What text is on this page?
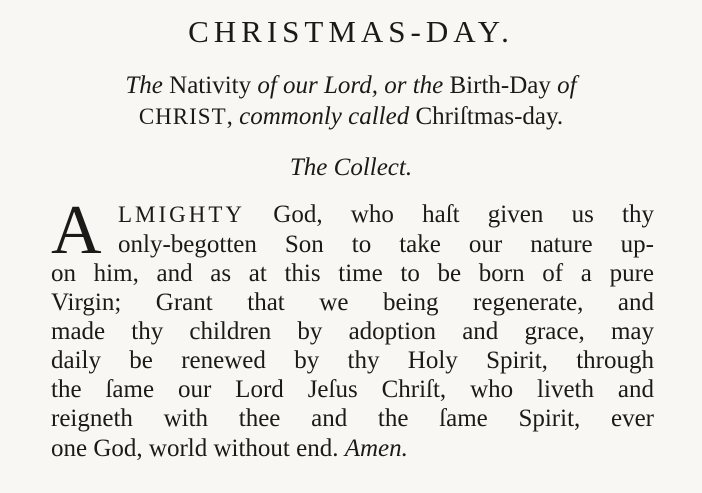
CHRISTMAS-DAY.
The Nativity of our Lord, or the Birth-Day of
CHRIST, commonly called Chriſtmas-day.
The Collect.
A LMIGHTY God, who haſt given us thy
only-begotten Son to take our nature up-
on him, and as at this time to be born of a pure
Virgin; Grant that we being regenerate, and
made thy children by adoption and grace, may
daily be renewed by thy Holy Spirit, through
the ſame our Lord Jeſus Chriſt, who liveth and
reigneth with thee and the ſame Spirit, ever
one God, world without end. Amen.
